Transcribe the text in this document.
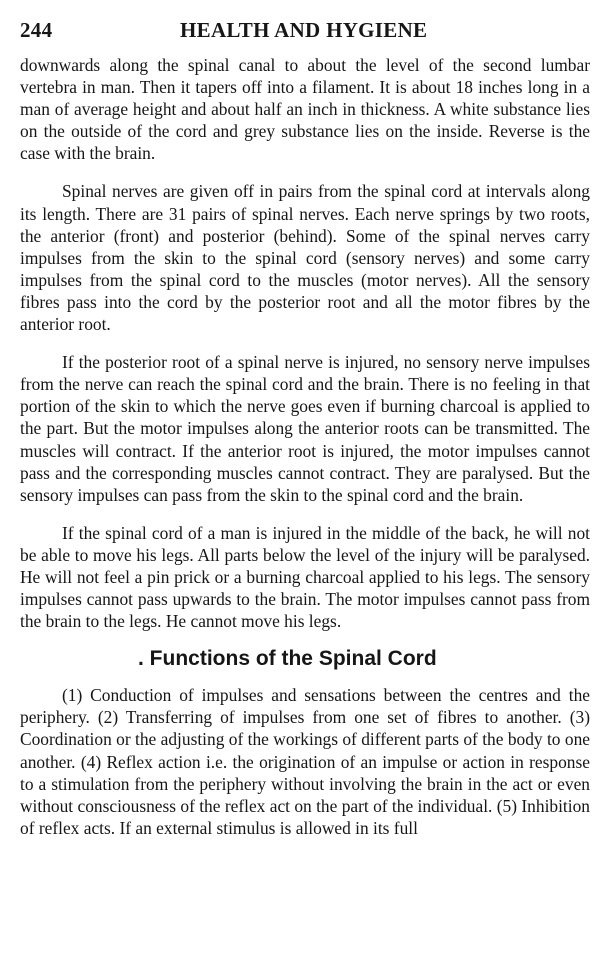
244	HEALTH AND HYGIENE

downwards along the spinal canal to about the level of the second lumbar vertebra in man. Then it tapers off into a filament. It is about 18 inches long in a man of average height and about half an inch in thickness. A white substance lies on the outside of the cord and grey substance lies on the inside. Reverse is the case with the brain.

Spinal nerves are given off in pairs from the spinal cord at intervals along its length. There are 31 pairs of spinal nerves. Each nerve springs by two roots, the anterior (front) and posterior (behind). Some of the spinal nerves carry impulses from the skin to the spinal cord (sensory nerves) and some carry impulses from the spinal cord to the muscles (motor nerves). All the sensory fibres pass into the cord by the posterior root and all the motor fibres by the anterior root.

If the posterior root of a spinal nerve is injured, no sensory nerve impulses from the nerve can reach the spinal cord and the brain. There is no feeling in that portion of the skin to which the nerve goes even if burning charcoal is applied to the part. But the motor impulses along the anterior roots can be transmitted. The muscles will contract. If the anterior root is injured, the motor impulses cannot pass and the corresponding muscles cannot contract. They are paralysed. But the sensory impulses can pass from the skin to the spinal cord and the brain.

If the spinal cord of a man is injured in the middle of the back, he will not be able to move his legs. All parts below the level of the injury will be paralysed. He will not feel a pin prick or a burning charcoal applied to his legs. The sensory impulses cannot pass upwards to the brain. The motor impulses cannot pass from the brain to the legs. He cannot move his legs.

. Functions of the Spinal Cord

(1) Conduction of impulses and sensations between the centres and the periphery. (2) Transferring of impulses from one set of fibres to another. (3) Coordination or the adjusting of the workings of different parts of the body to one another. (4) Reflex action i.e. the origination of an impulse or action in response to a stimulation from the periphery without involving the brain in the act or even without consciousness of the reflex act on the part of the individual. (5) Inhibition of reflex acts. If an external stimulus is allowed in its full
